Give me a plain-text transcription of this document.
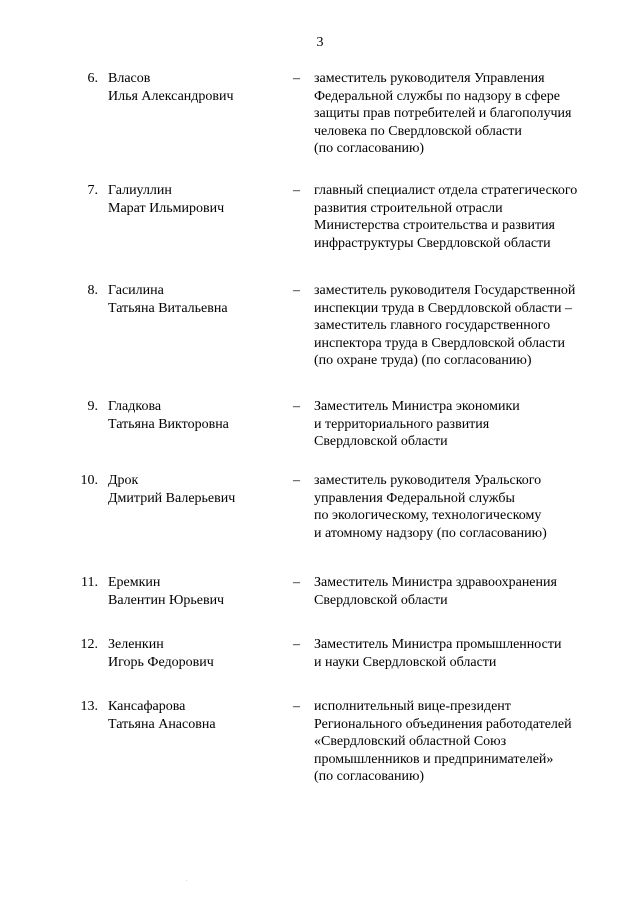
3
6. Власов
Илья Александрович
–	заместитель руководителя Управления
Федеральной службы по надзору в сфере
защиты прав потребителей и благополучия
человека по Свердловской области
(по согласованию)
7. Галиуллин
Марат Ильмирович
–	главный специалист отдела стратегического
развития строительной отрасли
Министерства строительства и развития
инфраструктуры Свердловской области
8. Гасилина
Татьяна Витальевна
–	заместитель руководителя Государственной
инспекции труда в Свердловской области –
заместитель главного государственного
инспектора труда в Свердловской области
(по охране труда) (по согласованию)
9. Гладкова
Татьяна Викторовна
–	Заместитель Министра экономики
и территориального развития
Свердловской области
10. Дрок
Дмитрий Валерьевич
–	заместитель руководителя Уральского
управления Федеральной службы
по экологическому, технологическому
и атомному надзору (по согласованию)
11. Еремкин
Валентин Юрьевич
–	Заместитель Министра здравоохранения
Свердловской области
12. Зеленкин
Игорь Федорович
–	Заместитель Министра промышленности
и науки Свердловской области
13. Кансафарова
Татьяна Анасовна
–	исполнительный вице-президент
Регионального объединения работодателей
«Свердловский областной Союз
промышленников и предпринимателей»
(по согласованию)
.
